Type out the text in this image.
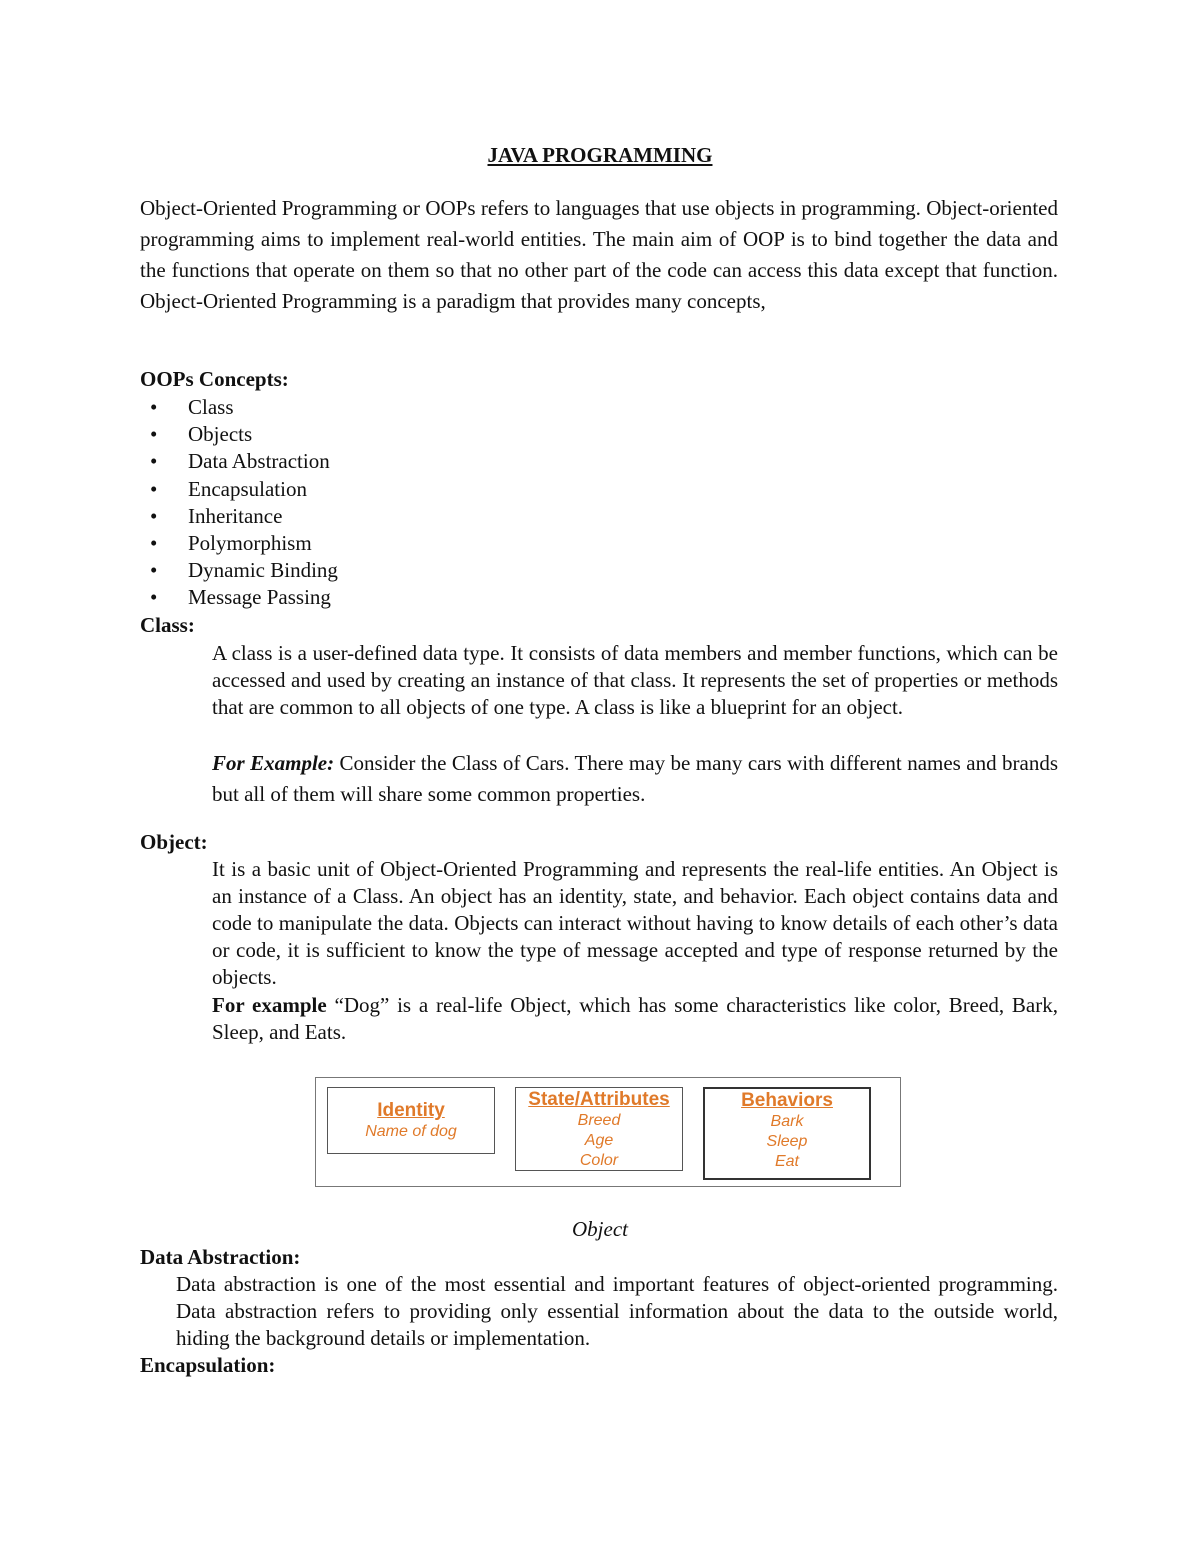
JAVA PROGRAMMING
Object-Oriented Programming or OOPs refers to languages that use objects in programming. Object-oriented programming aims to implement real-world entities. The main aim of OOP is to bind together the data and the functions that operate on them so that no other part of the code can access this data except that function. Object-Oriented Programming is a paradigm that provides many concepts,
OOPs Concepts:
• Class
• Objects
• Data Abstraction
• Encapsulation
• Inheritance
• Polymorphism
• Dynamic Binding
• Message Passing
Class:
A class is a user-defined data type. It consists of data members and member functions, which can be accessed and used by creating an instance of that class. It represents the set of properties or methods that are common to all objects of one type. A class is like a blueprint for an object.
For Example: Consider the Class of Cars. There may be many cars with different names and brands but all of them will share some common properties.
Object:
It is a basic unit of Object-Oriented Programming and represents the real-life entities. An Object is an instance of a Class. An object has an identity, state, and behavior. Each object contains data and code to manipulate the data. Objects can interact without having to know details of each other’s data or code, it is sufficient to know the type of message accepted and type of response returned by the objects.
For example “Dog” is a real-life Object, which has some characteristics like color, Breed, Bark, Sleep, and Eats.
Identity
Name of dog
State/Attributes
Breed
Age
Color
Behaviors
Bark
Sleep
Eat
Object
Data Abstraction:
Data abstraction is one of the most essential and important features of object-oriented programming. Data abstraction refers to providing only essential information about the data to the outside world, hiding the background details or implementation.
Encapsulation:
